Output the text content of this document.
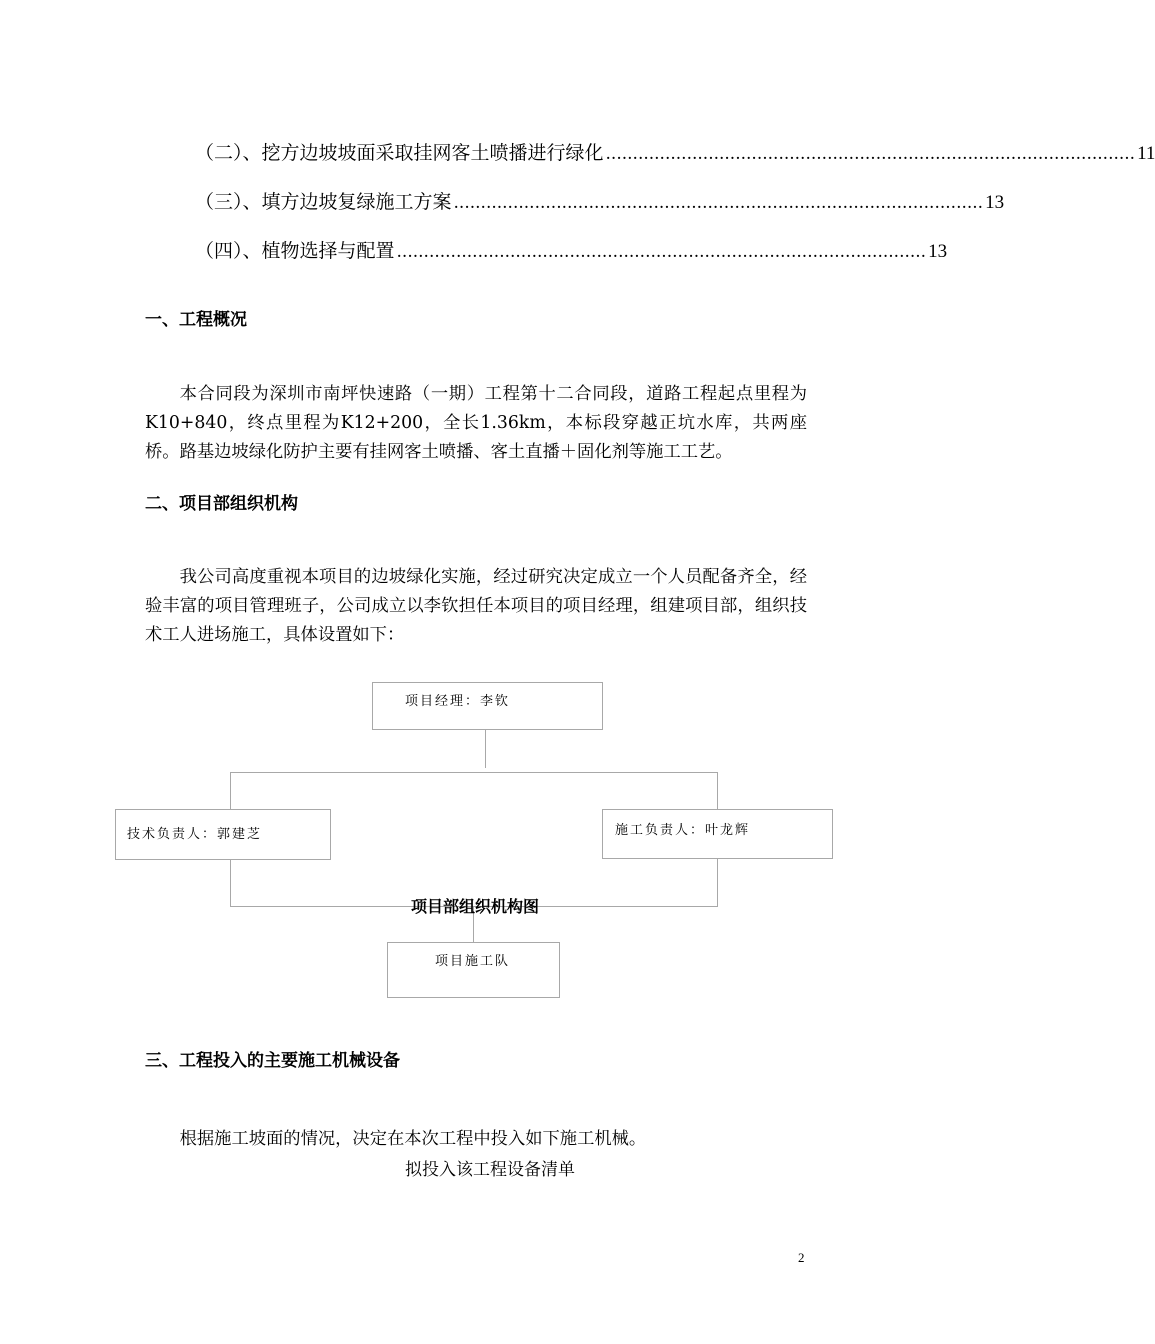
（二）、挖方边坡坡面采取挂网客土喷播进行绿化 .................................................................................................. 11
（三）、填方边坡复绿施工方案 .................................................................................................. 13
（四）、植物选择与配置 .................................................................................................. 13
一、工程概况
本合同段为深圳市南坪快速路（一期）工程第十二合同段，道路工程起点里程为K10+840，终点里程为K12+200，全长1.36km，本标段穿越正坑水库，共两座桥。路基边坡绿化防护主要有挂网客土喷播、客土直播＋固化剂等施工工艺。
二、项目部组织机构
我公司高度重视本项目的边坡绿化实施，经过研究决定成立一个人员配备齐全，经验丰富的项目管理班子，公司成立以李钦担任本项目的项目经理，组建项目部，组织技术工人进场施工，具体设置如下：
项目经理：李钦
技术负责人：郭建芝	施工负责人：叶龙辉
项目部组织机构图
项目施工队
三、工程投入的主要施工机械设备
根据施工坡面的情况，决定在本次工程中投入如下施工机械。
拟投入该工程设备清单
2
